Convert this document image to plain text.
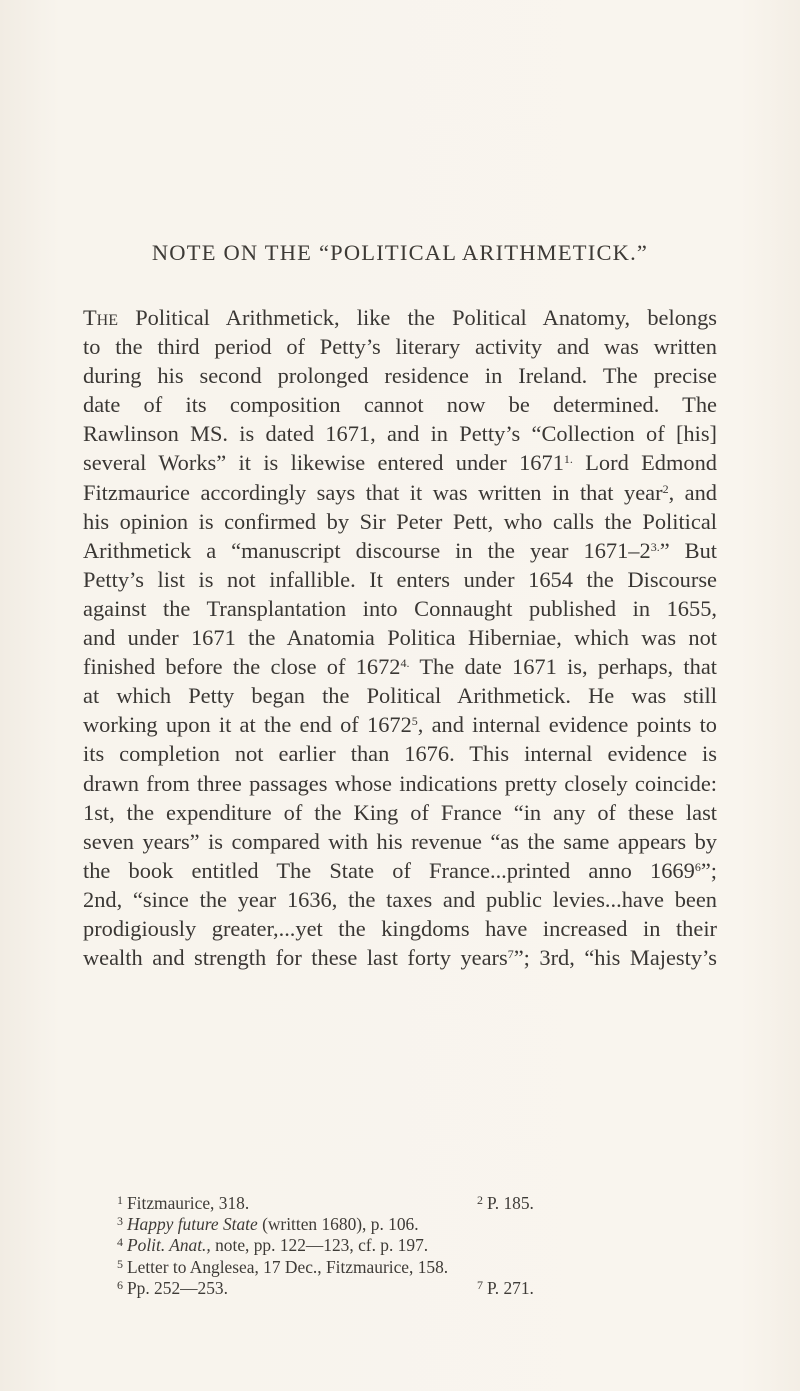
NOTE ON THE “POLITICAL ARITHMETICK.”
The Political Arithmetick, like the Political Anatomy, belongs
to the third period of Petty’s literary activity and was written
during his second prolonged residence in Ireland. The precise
date of its composition cannot now be determined. The
Rawlinson MS. is dated 1671, and in Petty’s “Collection of [his]
several Works” it is likewise entered under $1671^{1.}$ Lord Edmond
Fitzmaurice accordingly says that it was written in that year$^2$, and
his opinion is confirmed by Sir Peter Pett, who calls the Political
Arithmetick a “manuscript discourse in the year $1671-2^{3.}$” But
Petty’s list is not infallible. It enters under 1654 the Discourse
against the Transplantation into Connaught published in 1655,
and under 1671 the Anatomia Politica Hiberniae, which was not
finished before the close of $1672^{4.}$ The date 1671 is, perhaps, that
at which Petty began the Political Arithmetick. He was still
working upon it at the end of 1672$^5$, and internal evidence points to
its completion not earlier than 1676. This internal evidence is
drawn from three passages whose indications pretty closely coincide:
1st, the expenditure of the King of France “in any of these last
seven years” is compared with his revenue “as the same appears by
the book entitled The State of France...printed anno 1669$^6$”;
2nd, “since the year 1636, the taxes and public levies...have been
prodigiously greater,...yet the kingdoms have increased in their
wealth and strength for these last forty years$^7$”; 3rd, “his Majesty’s
$^1$ Fitzmaurice, 318.	$^2$ P. 185.
$^3$ Happy future State (written 1680), p. 106.
$^4$ Polit. Anat., note, pp. 122—123, cf. p. 197.
$^5$ Letter to Anglesea, 17 Dec., Fitzmaurice, 158.
$^6$ Pp. 252—253.	$^7$ P. 271.
